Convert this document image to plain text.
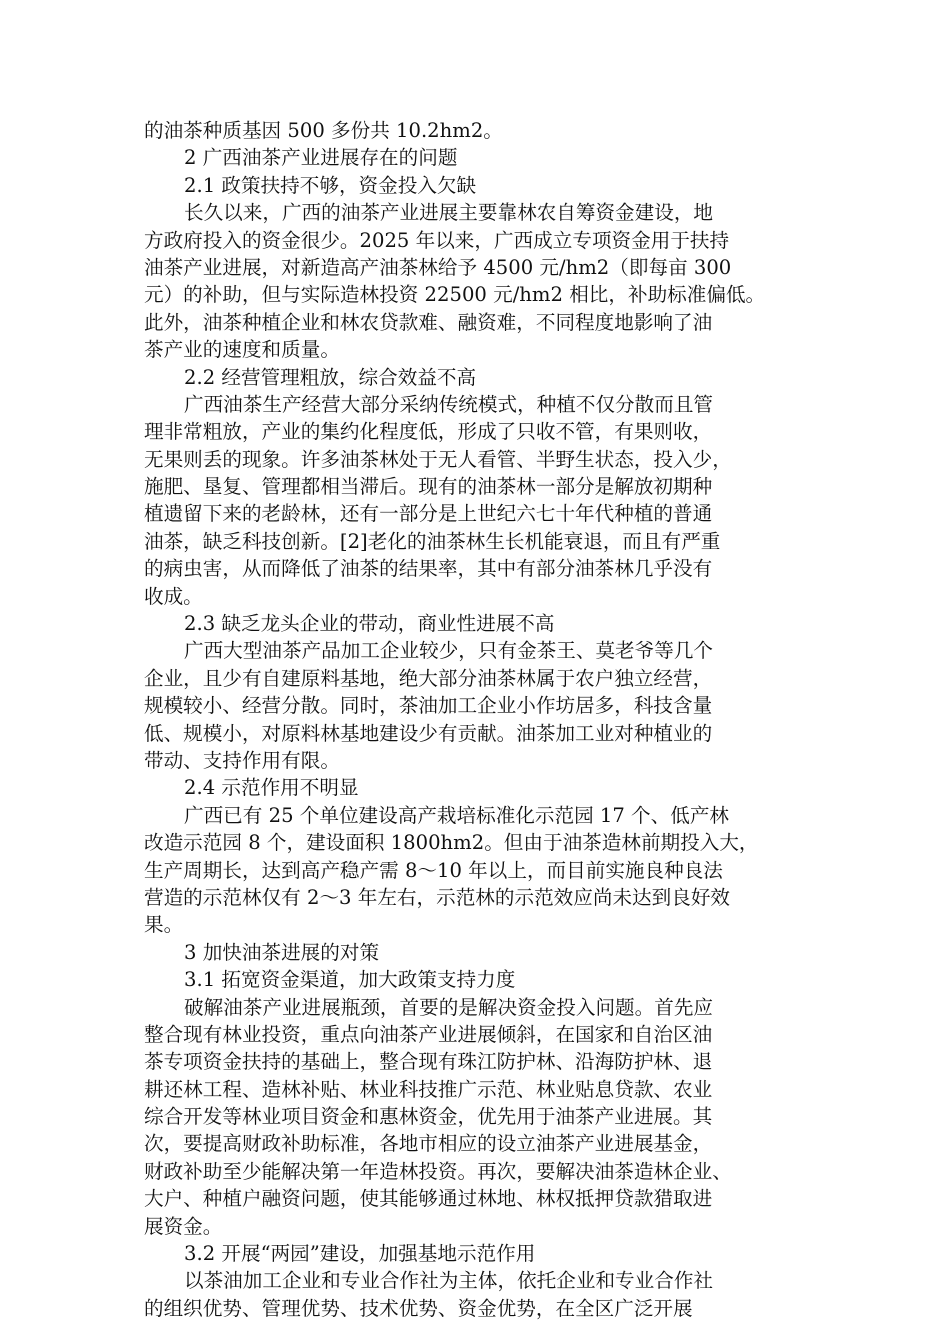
的油茶种质基因 500 多份共 10.2hm2。
2 广西油茶产业进展存在的问题
2.1 政策扶持不够，资金投入欠缺
长久以来，广西的油茶产业进展主要靠林农自筹资金建设，地
方政府投入的资金很少。2025 年以来，广西成立专项资金用于扶持
油茶产业进展，对新造高产油茶林给予 4500 元/hm2（即每亩 300
元）的补助，但与实际造林投资 22500 元/hm2 相比，补助标准偏低。
此外，油茶种植企业和林农贷款难、融资难，不同程度地影响了油
茶产业的速度和质量。
2.2 经营管理粗放，综合效益不高
广西油茶生产经营大部分采纳传统模式，种植不仅分散而且管
理非常粗放，产业的集约化程度低，形成了只收不管，有果则收，
无果则丢的现象。许多油茶林处于无人看管、半野生状态，投入少，
施肥、垦复、管理都相当滞后。现有的油茶林一部分是解放初期种
植遗留下来的老龄林，还有一部分是上世纪六七十年代种植的普通
油茶，缺乏科技创新。[2]老化的油茶林生长机能衰退，而且有严重
的病虫害，从而降低了油茶的结果率，其中有部分油茶林几乎没有
收成。
2.3 缺乏龙头企业的带动，商业性进展不高
广西大型油茶产品加工企业较少，只有金茶王、莫老爷等几个
企业，且少有自建原料基地，绝大部分油茶林属于农户独立经营，
规模较小、经营分散。同时，茶油加工企业小作坊居多，科技含量
低、规模小，对原料林基地建设少有贡献。油茶加工业对种植业的
带动、支持作用有限。
2.4 示范作用不明显
广西已有 25 个单位建设高产栽培标准化示范园 17 个、低产林
改造示范园 8 个，建设面积 1800hm2。但由于油茶造林前期投入大，
生产周期长，达到高产稳产需 8～10 年以上，而目前实施良种良法
营造的示范林仅有 2～3 年左右，示范林的示范效应尚未达到良好效
果。
3 加快油茶进展的对策
3.1 拓宽资金渠道，加大政策支持力度
破解油茶产业进展瓶颈，首要的是解决资金投入问题。首先应
整合现有林业投资，重点向油茶产业进展倾斜，在国家和自治区油
茶专项资金扶持的基础上，整合现有珠江防护林、沿海防护林、退
耕还林工程、造林补贴、林业科技推广示范、林业贴息贷款、农业
综合开发等林业项目资金和惠林资金，优先用于油茶产业进展。其
次，要提高财政补助标准，各地市相应的设立油茶产业进展基金，
财政补助至少能解决第一年造林投资。再次，要解决油茶造林企业、
大户、种植户融资问题，使其能够通过林地、林权抵押贷款猎取进
展资金。
3.2 开展“两园”建设，加强基地示范作用
以茶油加工企业和专业合作社为主体，依托企业和专业合作社
的组织优势、管理优势、技术优势、资金优势，在全区广泛开展
